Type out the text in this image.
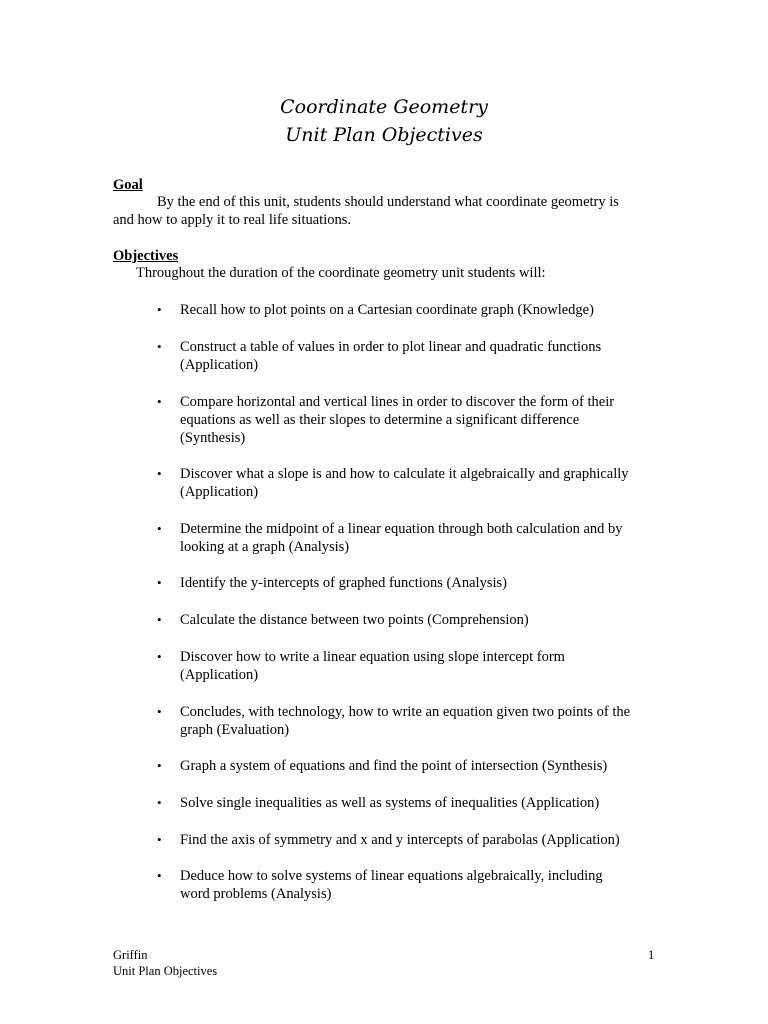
Coordinate Geometry
Unit Plan Objectives
Goal
By the end of this unit, students should understand what coordinate geometry is
and how to apply it to real life situations.
Objectives
Throughout the duration of the coordinate geometry unit students will:
•	Recall how to plot points on a Cartesian coordinate graph (Knowledge)
•	Construct a table of values in order to plot linear and quadratic functions
(Application)
•	Compare horizontal and vertical lines in order to discover the form of their
equations as well as their slopes to determine a significant difference
(Synthesis)
•	Discover what a slope is and how to calculate it algebraically and graphically
(Application)
•	Determine the midpoint of a linear equation through both calculation and by
looking at a graph (Analysis)
•	Identify the y-intercepts of graphed functions (Analysis)
•	Calculate the distance between two points (Comprehension)
•	Discover how to write a linear equation using slope intercept form
(Application)
•	Concludes, with technology, how to write an equation given two points of the
graph (Evaluation)
•	Graph a system of equations and find the point of intersection (Synthesis)
•	Solve single inequalities as well as systems of inequalities (Application)
•	Find the axis of symmetry and x and y intercepts of parabolas (Application)
•	Deduce how to solve systems of linear equations algebraically, including
word problems (Analysis)
Griffin
Unit Plan Objectives
1
